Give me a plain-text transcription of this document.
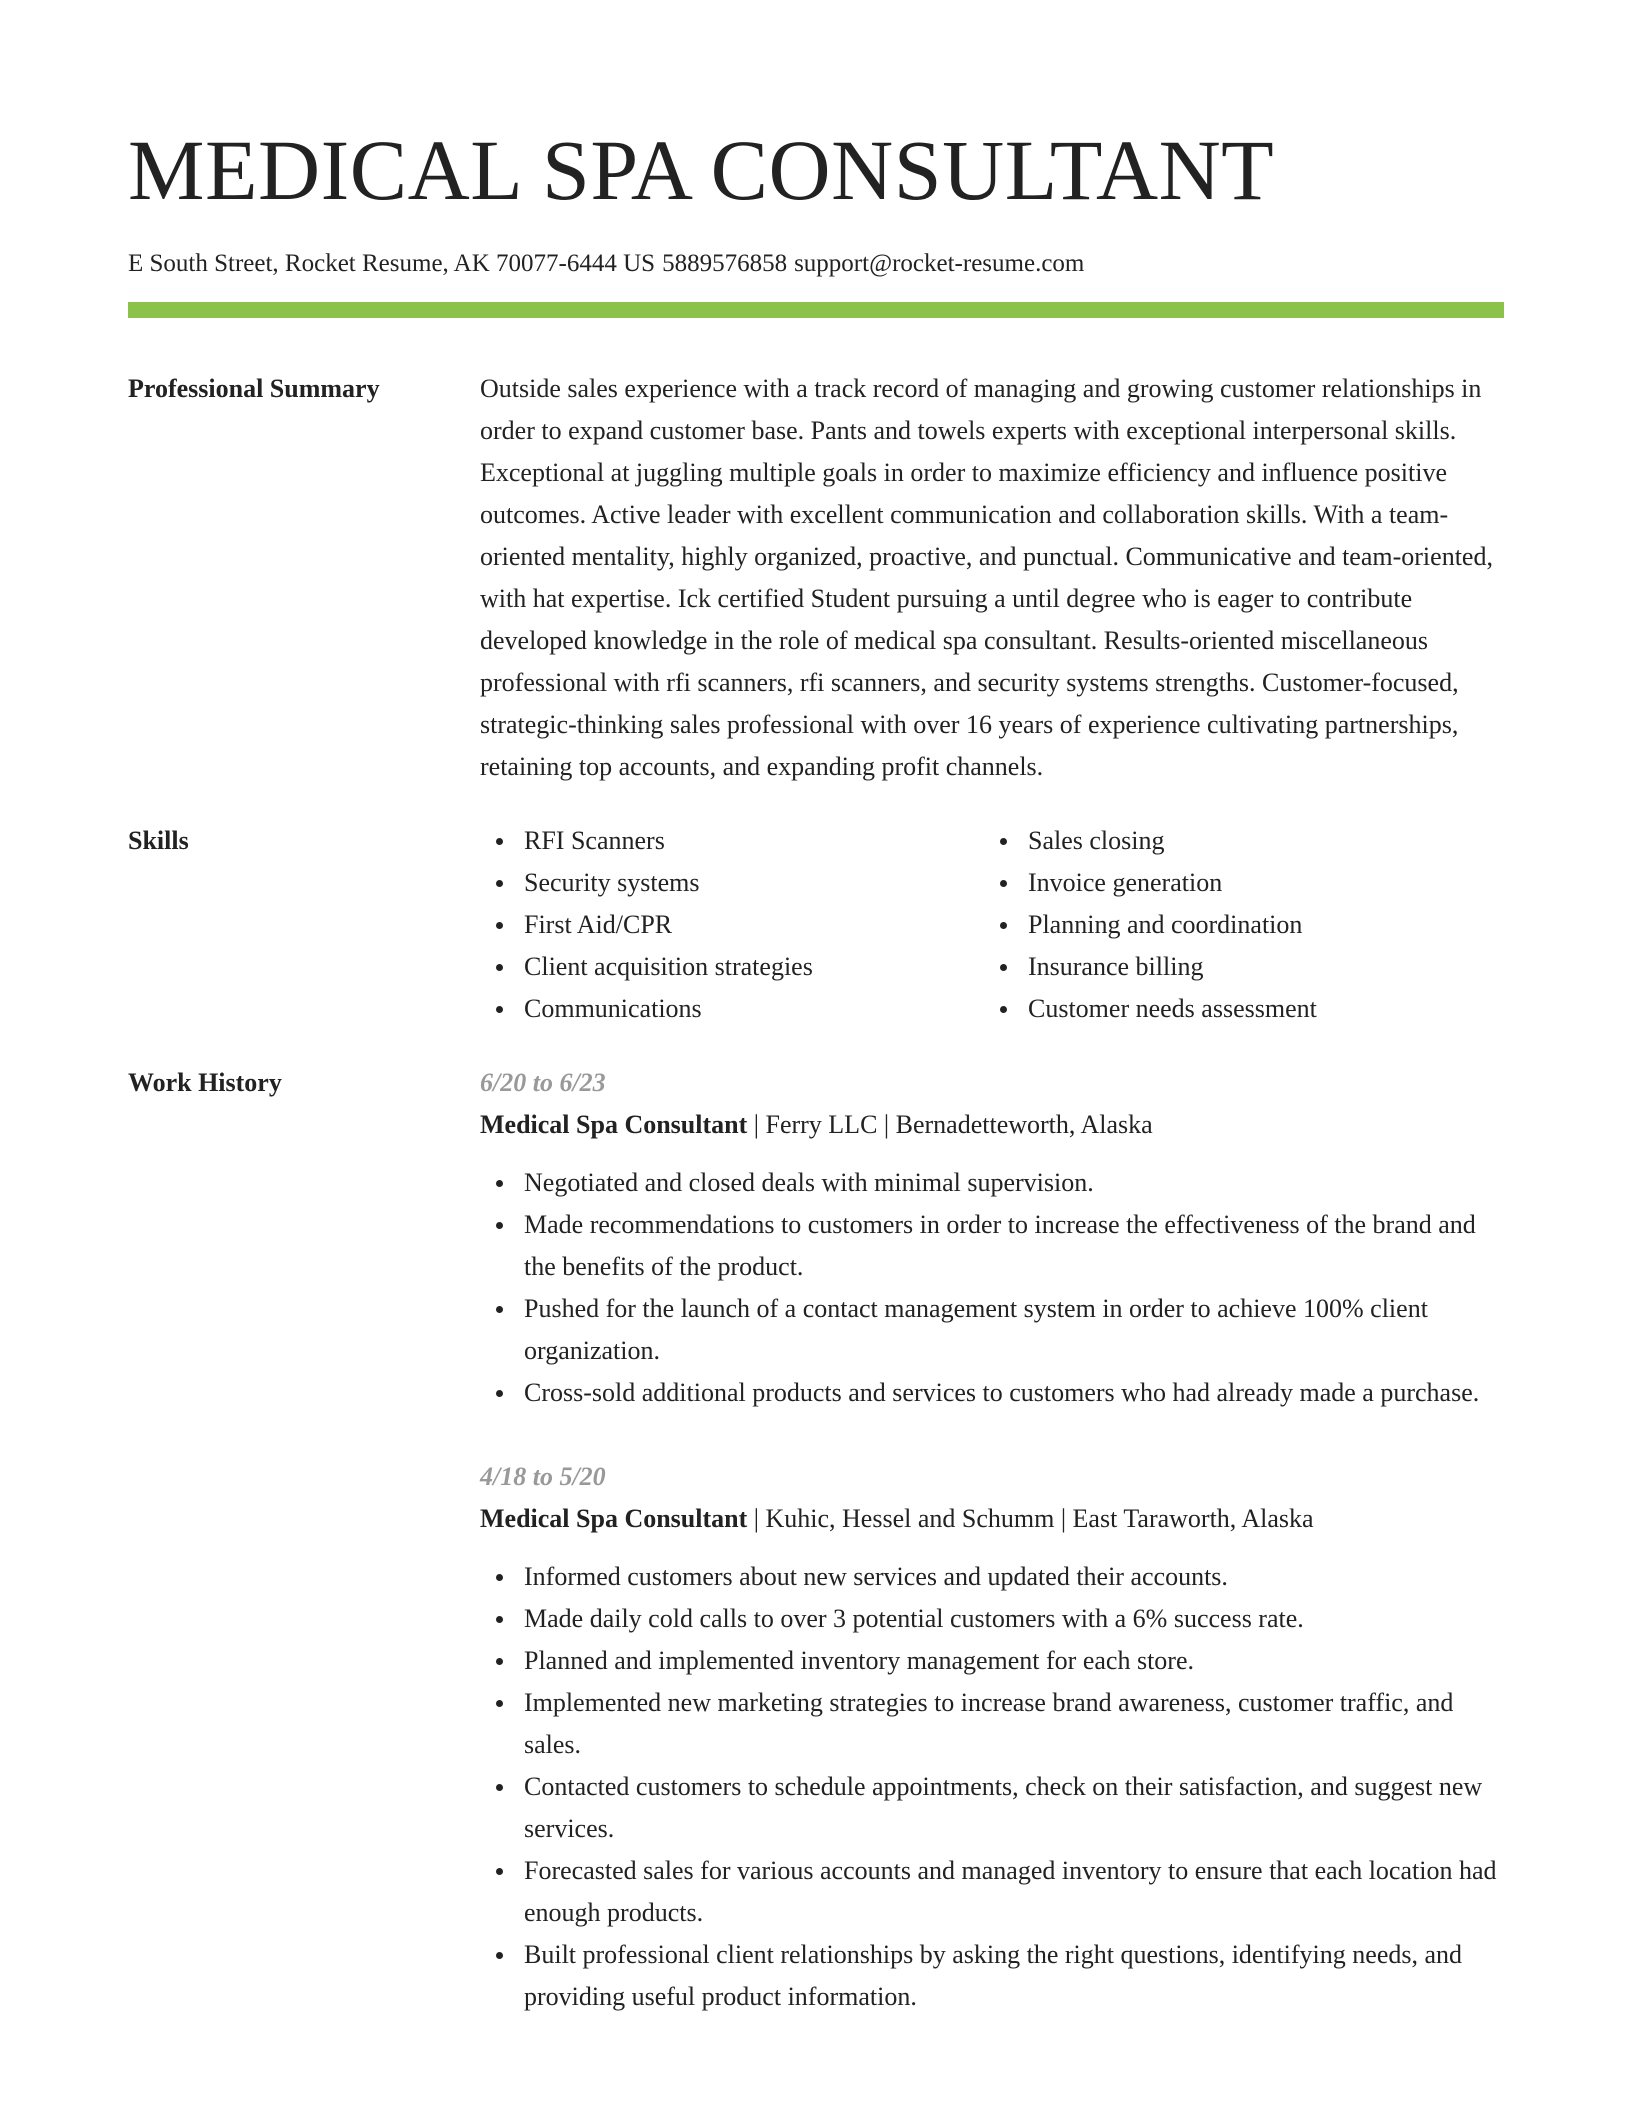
MEDICAL SPA CONSULTANT
E South Street, Rocket Resume, AK 70077-6444 US 5889576858 support@rocket-resume.com
Professional Summary	Outside sales experience with a track record of managing and growing customer relationships in order to expand customer base. Pants and towels experts with exceptional interpersonal skills. Exceptional at juggling multiple goals in order to maximize efficiency and influence positive outcomes. Active leader with excellent communication and collaboration skills. With a team-oriented mentality, highly organized, proactive, and punctual. Communicative and team-oriented, with hat expertise. Ick certified Student pursuing a until degree who is eager to contribute developed knowledge in the role of medical spa consultant. Results-oriented miscellaneous professional with rfi scanners, rfi scanners, and security systems strengths. Customer-focused, strategic-thinking sales professional with over 16 years of experience cultivating partnerships, retaining top accounts, and expanding profit channels.

Skills	RFI Scanners
Security systems
First Aid/CPR
Client acquisition strategies
Communications
Sales closing
Invoice generation
Planning and coordination
Insurance billing
Customer needs assessment
Work History	6/20 to 6/23
Medical Spa Consultant | Ferry LLC | Bernadetteworth, Alaska
Negotiated and closed deals with minimal supervision.
Made recommendations to customers in order to increase the effectiveness of the brand and the benefits of the product.
Pushed for the launch of a contact management system in order to achieve 100% client organization.
Cross-sold additional products and services to customers who had already made a purchase.
4/18 to 5/20
Medical Spa Consultant | Kuhic, Hessel and Schumm | East Taraworth, Alaska
Informed customers about new services and updated their accounts.
Made daily cold calls to over 3 potential customers with a 6% success rate.
Planned and implemented inventory management for each store.
Implemented new marketing strategies to increase brand awareness, customer traffic, and sales.
Contacted customers to schedule appointments, check on their satisfaction, and suggest new services.
Forecasted sales for various accounts and managed inventory to ensure that each location had enough products.
Built professional client relationships by asking the right questions, identifying needs, and providing useful product information.
